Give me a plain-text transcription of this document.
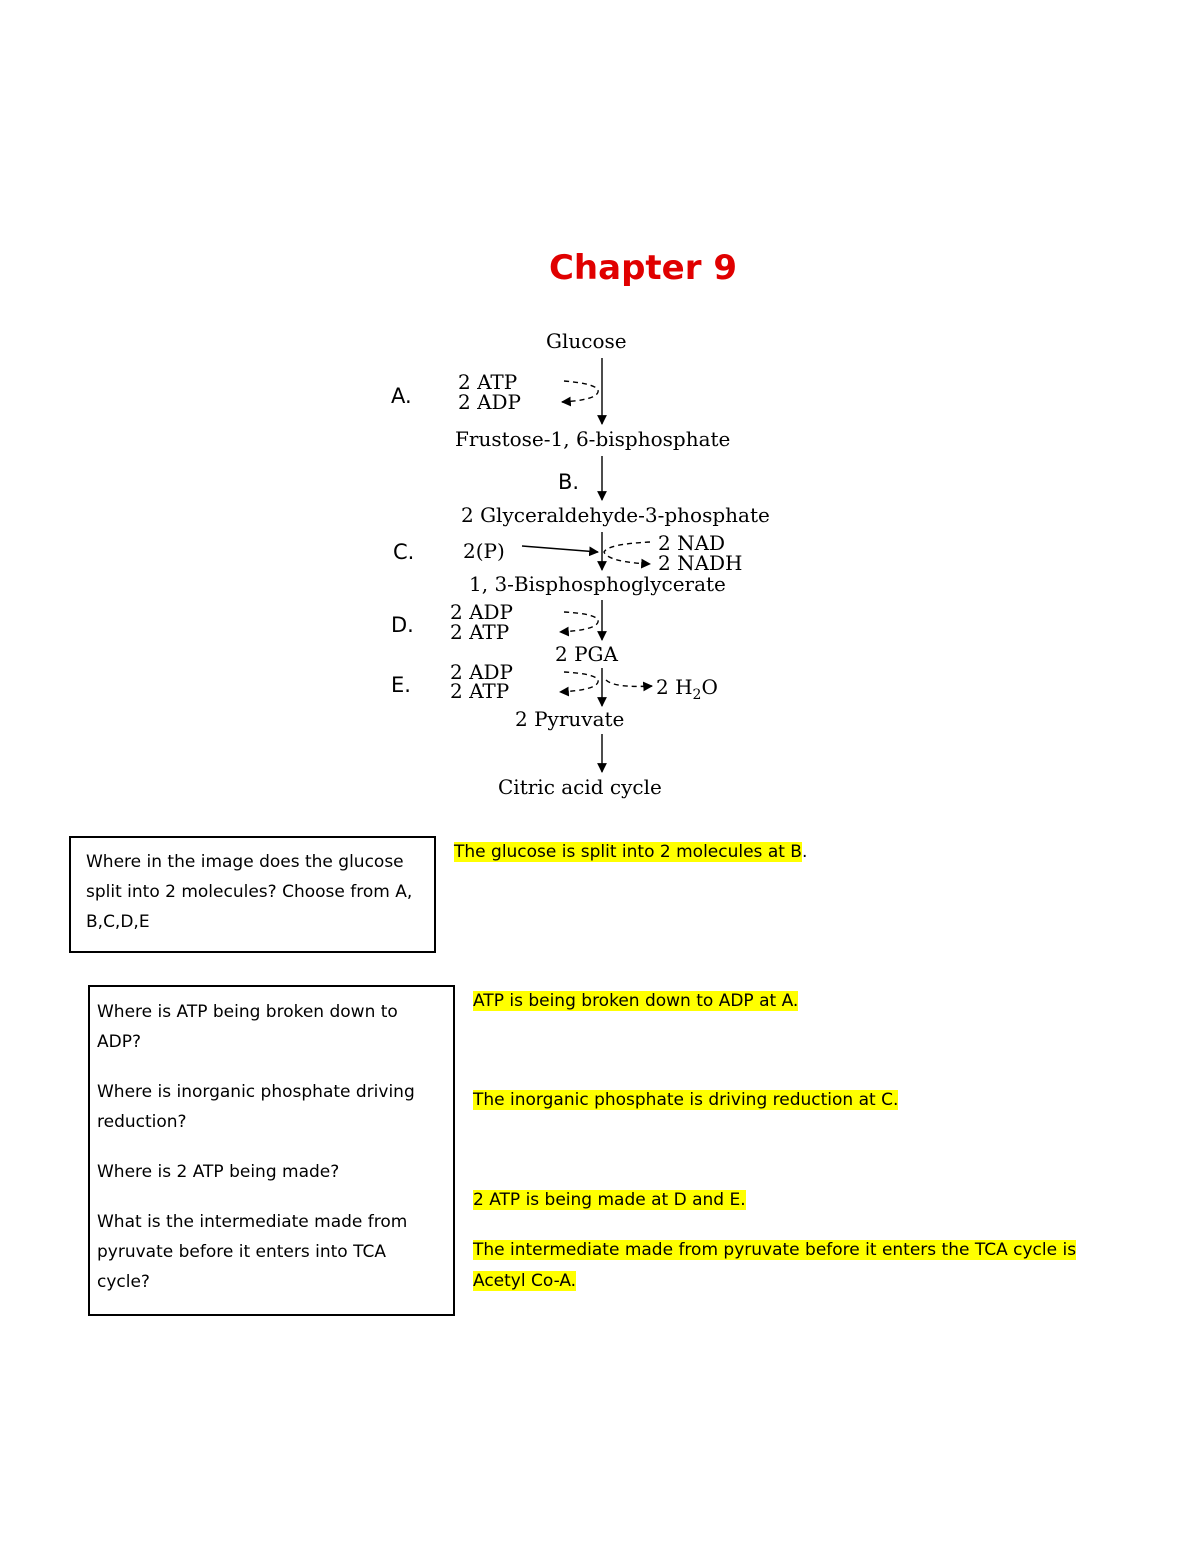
Chapter 9
Glucose
Frustose-1, 6-bisphosphate
2 Glyceraldehyde-3-phosphate
1, 3-Bisphosphoglycerate
2 PGA
2 Pyruvate
Citric acid cycle
A.
B.
C.
D.
E.
2 ATP
2 ADP
2(P)	2 NAD
2 NADH
2 ADP
2 ATP
2 ADP
2 ATP	2 $H_2O$

Where in the image does the glucose split into 2 molecules? Choose from A, B,C,D,E

The glucose is split into 2 molecules at B.

Where is ATP being broken down to ADP?

Where is inorganic phosphate driving reduction?

Where is 2 ATP being made?

What is the intermediate made from pyruvate before it enters into TCA cycle?

ATP is being broken down to ADP at A.
The inorganic phosphate is driving reduction at C.
2 ATP is being made at D and E.
The intermediate made from pyruvate before it enters the TCA cycle is Acetyl Co-A.
